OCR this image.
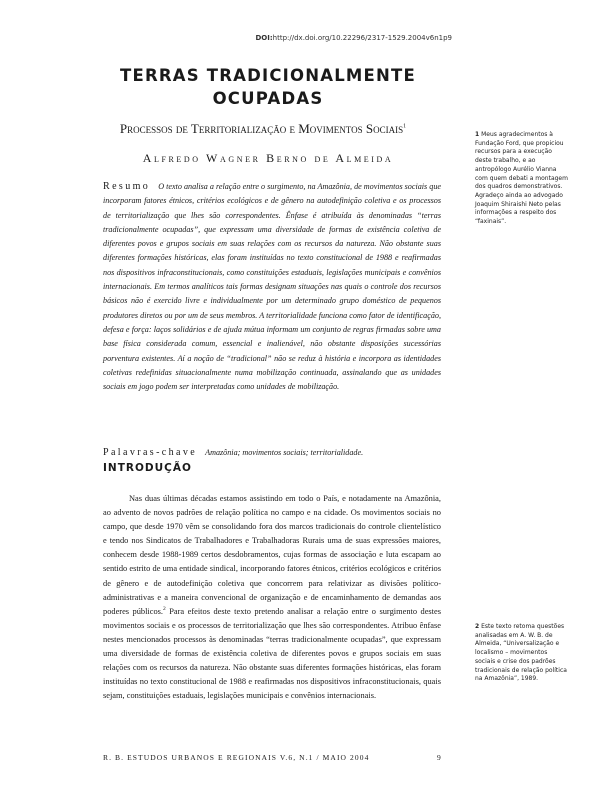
DOI:http://dx.doi.org/10.22296/2317-1529.2004v6n1p9
TERRAS TRADICIONALMENTE
OCUPADAS

Processos de Territorialização e Movimentos Sociais$^1$

Alfredo Wagner Berno de Almeida

Resumo O texto analisa a relação entre o surgimento, na Amazônia, de movimentos sociais que incorporam fatores étnicos, critérios ecológicos e de gênero na autodefinição coletiva e os processos de territorialização que lhes são correspondentes. Ênfase é atribuída às denominadas “terras tradicionalmente ocupadas”, que expressam uma diversidade de formas de existência coletiva de diferentes povos e grupos sociais em suas relações com os recursos da natureza. Não obstante suas diferentes formações históricas, elas foram instituídas no texto constitucional de 1988 e reafirmadas nos dispositivos infraconstitucionais, como constituições estaduais, legislações municipais e convênios internacionais. Em termos analíticos tais formas designam situações nas quais o controle dos recursos básicos não é exercido livre e individualmente por um determinado grupo doméstico de pequenos produtores diretos ou por um de seus membros. A territorialidade funciona como fator de identificação, defesa e força: laços solidários e de ajuda mútua informam um conjunto de regras firmadas sobre uma base física considerada comum, essencial e inalienável, não obstante disposições sucessórias porventura existentes. Aí a noção de “tradicional” não se reduz à história e incorpora as identidades coletivas redefinidas situacionalmente numa mobilização continuada, assinalando que as unidades sociais em jogo podem ser interpretadas como unidades de mobilização.

Palavras-chave Amazônia; movimentos sociais; territorialidade.

INTRODUÇÃO

Nas duas últimas décadas estamos assistindo em todo o País, e notadamente na Amazônia, ao advento de novos padrões de relação política no campo e na cidade. Os movimentos sociais no campo, que desde 1970 vêm se consolidando fora dos marcos tradicionais do controle clientelístico e tendo nos Sindicatos de Trabalhadores e Trabalhadoras Rurais uma de suas expressões maiores, conhecem desde 1988-1989 certos desdobramentos, cujas formas de associação e luta escapam ao sentido estrito de uma entidade sindical, incorporando fatores étnicos, critérios ecológicos e critérios de gênero e de autodefinição coletiva que concorrem para relativizar as divisões político-administrativas e a maneira convencional de organização e de encaminhamento de demandas aos poderes públicos.$^2$ Para efeitos deste texto pretendo analisar a relação entre o surgimento destes movimentos sociais e os processos de territorialização que lhes são correspondentes. Atribuo ênfase nestes mencionados processos às denominadas “terras tradicionalmente ocupadas”, que expressam uma diversidade de formas de existência coletiva de diferentes povos e grupos sociais em suas relações com os recursos da natureza. Não obstante suas diferentes formações históricas, elas foram instituídas no texto constitucional de 1988 e reafirmadas nos dispositivos infraconstitucionais, quais sejam, constituições estaduais, legislações municipais e convênios internacionais.

1 Meus agradecimentos à Fundação Ford, que propiciou recursos para a execução deste trabalho, e ao antropólogo Aurélio Vianna com quem debati a montagem dos quadros demonstrativos. Agradeço ainda ao advogado Joaquim Shiraishi Neto pelas informações a respeito dos “faxinais”.

2 Este texto retoma questões analisadas em A. W. B. de Almeida, “Universalização e localismo – movimentos sociais e crise dos padrões tradicionais de relação política na Amazônia”, 1989.

R. B. ESTUDOS URBANOS E REGIONAIS V.6, N.1 / MAIO 2004	9
